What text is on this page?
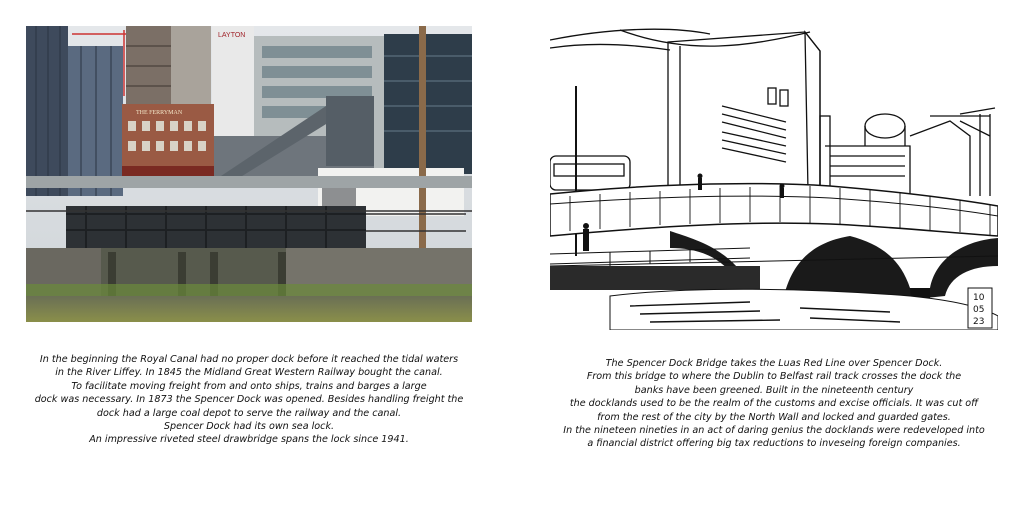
LAYTON
THE FERRYMAN
10
05
23
In the beginning the Royal Canal had no proper dock before it reached the tidal waters
in the River Liffey. In 1845 the Midland Great Western Railway bought the canal.
To facilitate moving freight from and onto ships, trains and barges a large
dock was necessary. In 1873 the Spencer Dock was opened. Besides handling freight the
dock had a large coal depot to serve the railway and the canal.
Spencer Dock had its own sea lock.
An impressive riveted steel drawbridge spans the lock since 1941.
The Spencer Dock Bridge takes the Luas Red Line over Spencer Dock.
From this bridge to where the Dublin to Belfast rail track crosses the dock the
banks have been greened. Built in the nineteenth century
the docklands used to be the realm of the customs and excise officials. It was cut off
from the rest of the city by the North Wall and locked and guarded gates.
In the nineteen nineties in an act of daring genius the docklands were redeveloped into
a financial district offering big tax reductions to inveseing foreign companies.
